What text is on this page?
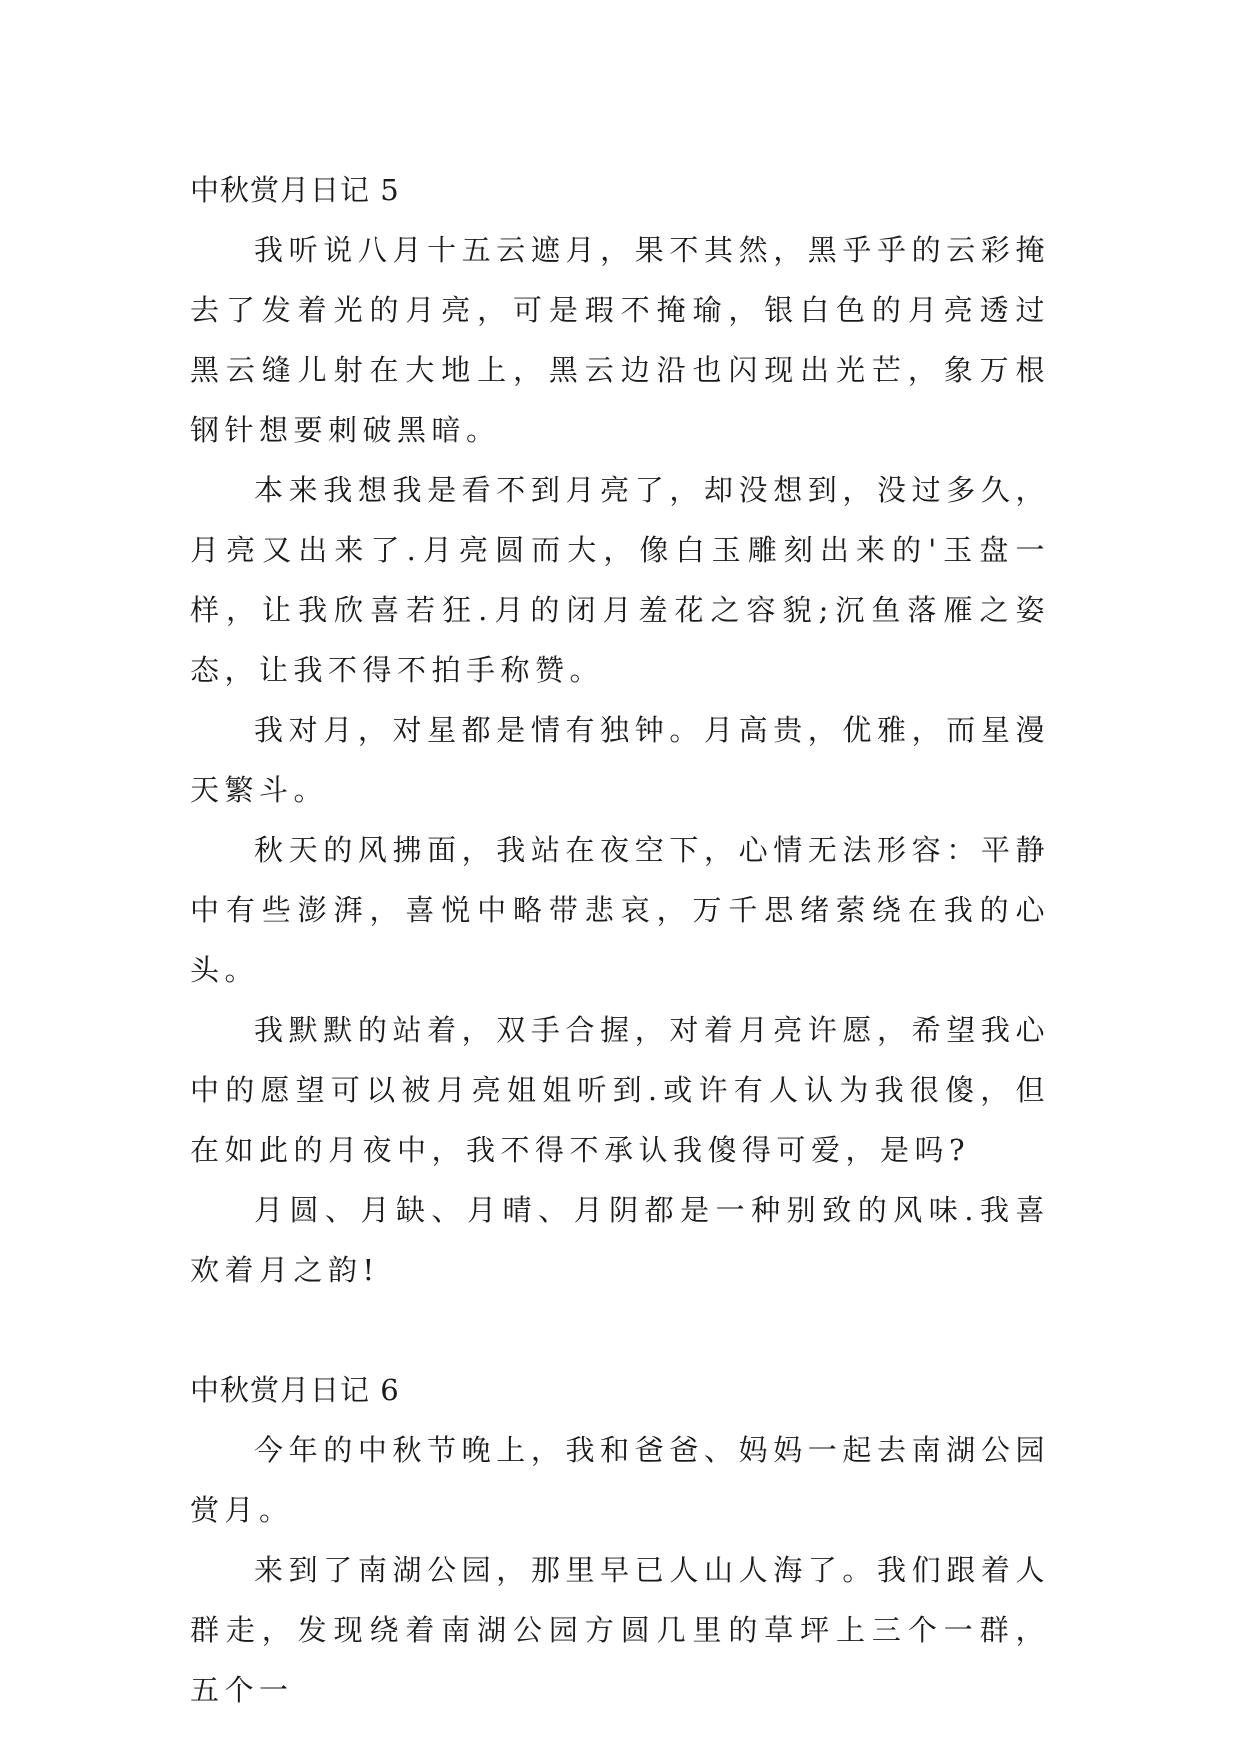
中秋赏月日记 5

我听说八月十五云遮月，果不其然，黑乎乎的云彩掩去了发着光的月亮，可是瑕不掩瑜，银白色的月亮透过黑云缝儿射在大地上，黑云边沿也闪现出光芒，象万根钢针想要刺破黑暗。

本来我想我是看不到月亮了，却没想到，没过多久，月亮又出来了.月亮圆而大，像白玉雕刻出来的'玉盘一样，让我欣喜若狂.月的闭月羞花之容貌;沉鱼落雁之姿态，让我不得不拍手称赞。

我对月，对星都是情有独钟。月高贵，优雅，而星漫天繁斗。

秋天的风拂面，我站在夜空下，心情无法形容：平静中有些澎湃，喜悦中略带悲哀，万千思绪萦绕在我的心头。

我默默的站着，双手合握，对着月亮许愿，希望我心中的愿望可以被月亮姐姐听到.或许有人认为我很傻，但在如此的月夜中，我不得不承认我傻得可爱，是吗?

月圆、月缺、月晴、月阴都是一种别致的风味.我喜欢着月之韵!

中秋赏月日记 6

今年的中秋节晚上，我和爸爸、妈妈一起去南湖公园赏月。

来到了南湖公园，那里早已人山人海了。我们跟着人群走，发现绕着南湖公园方圆几里的草坪上三个一群，五个一
